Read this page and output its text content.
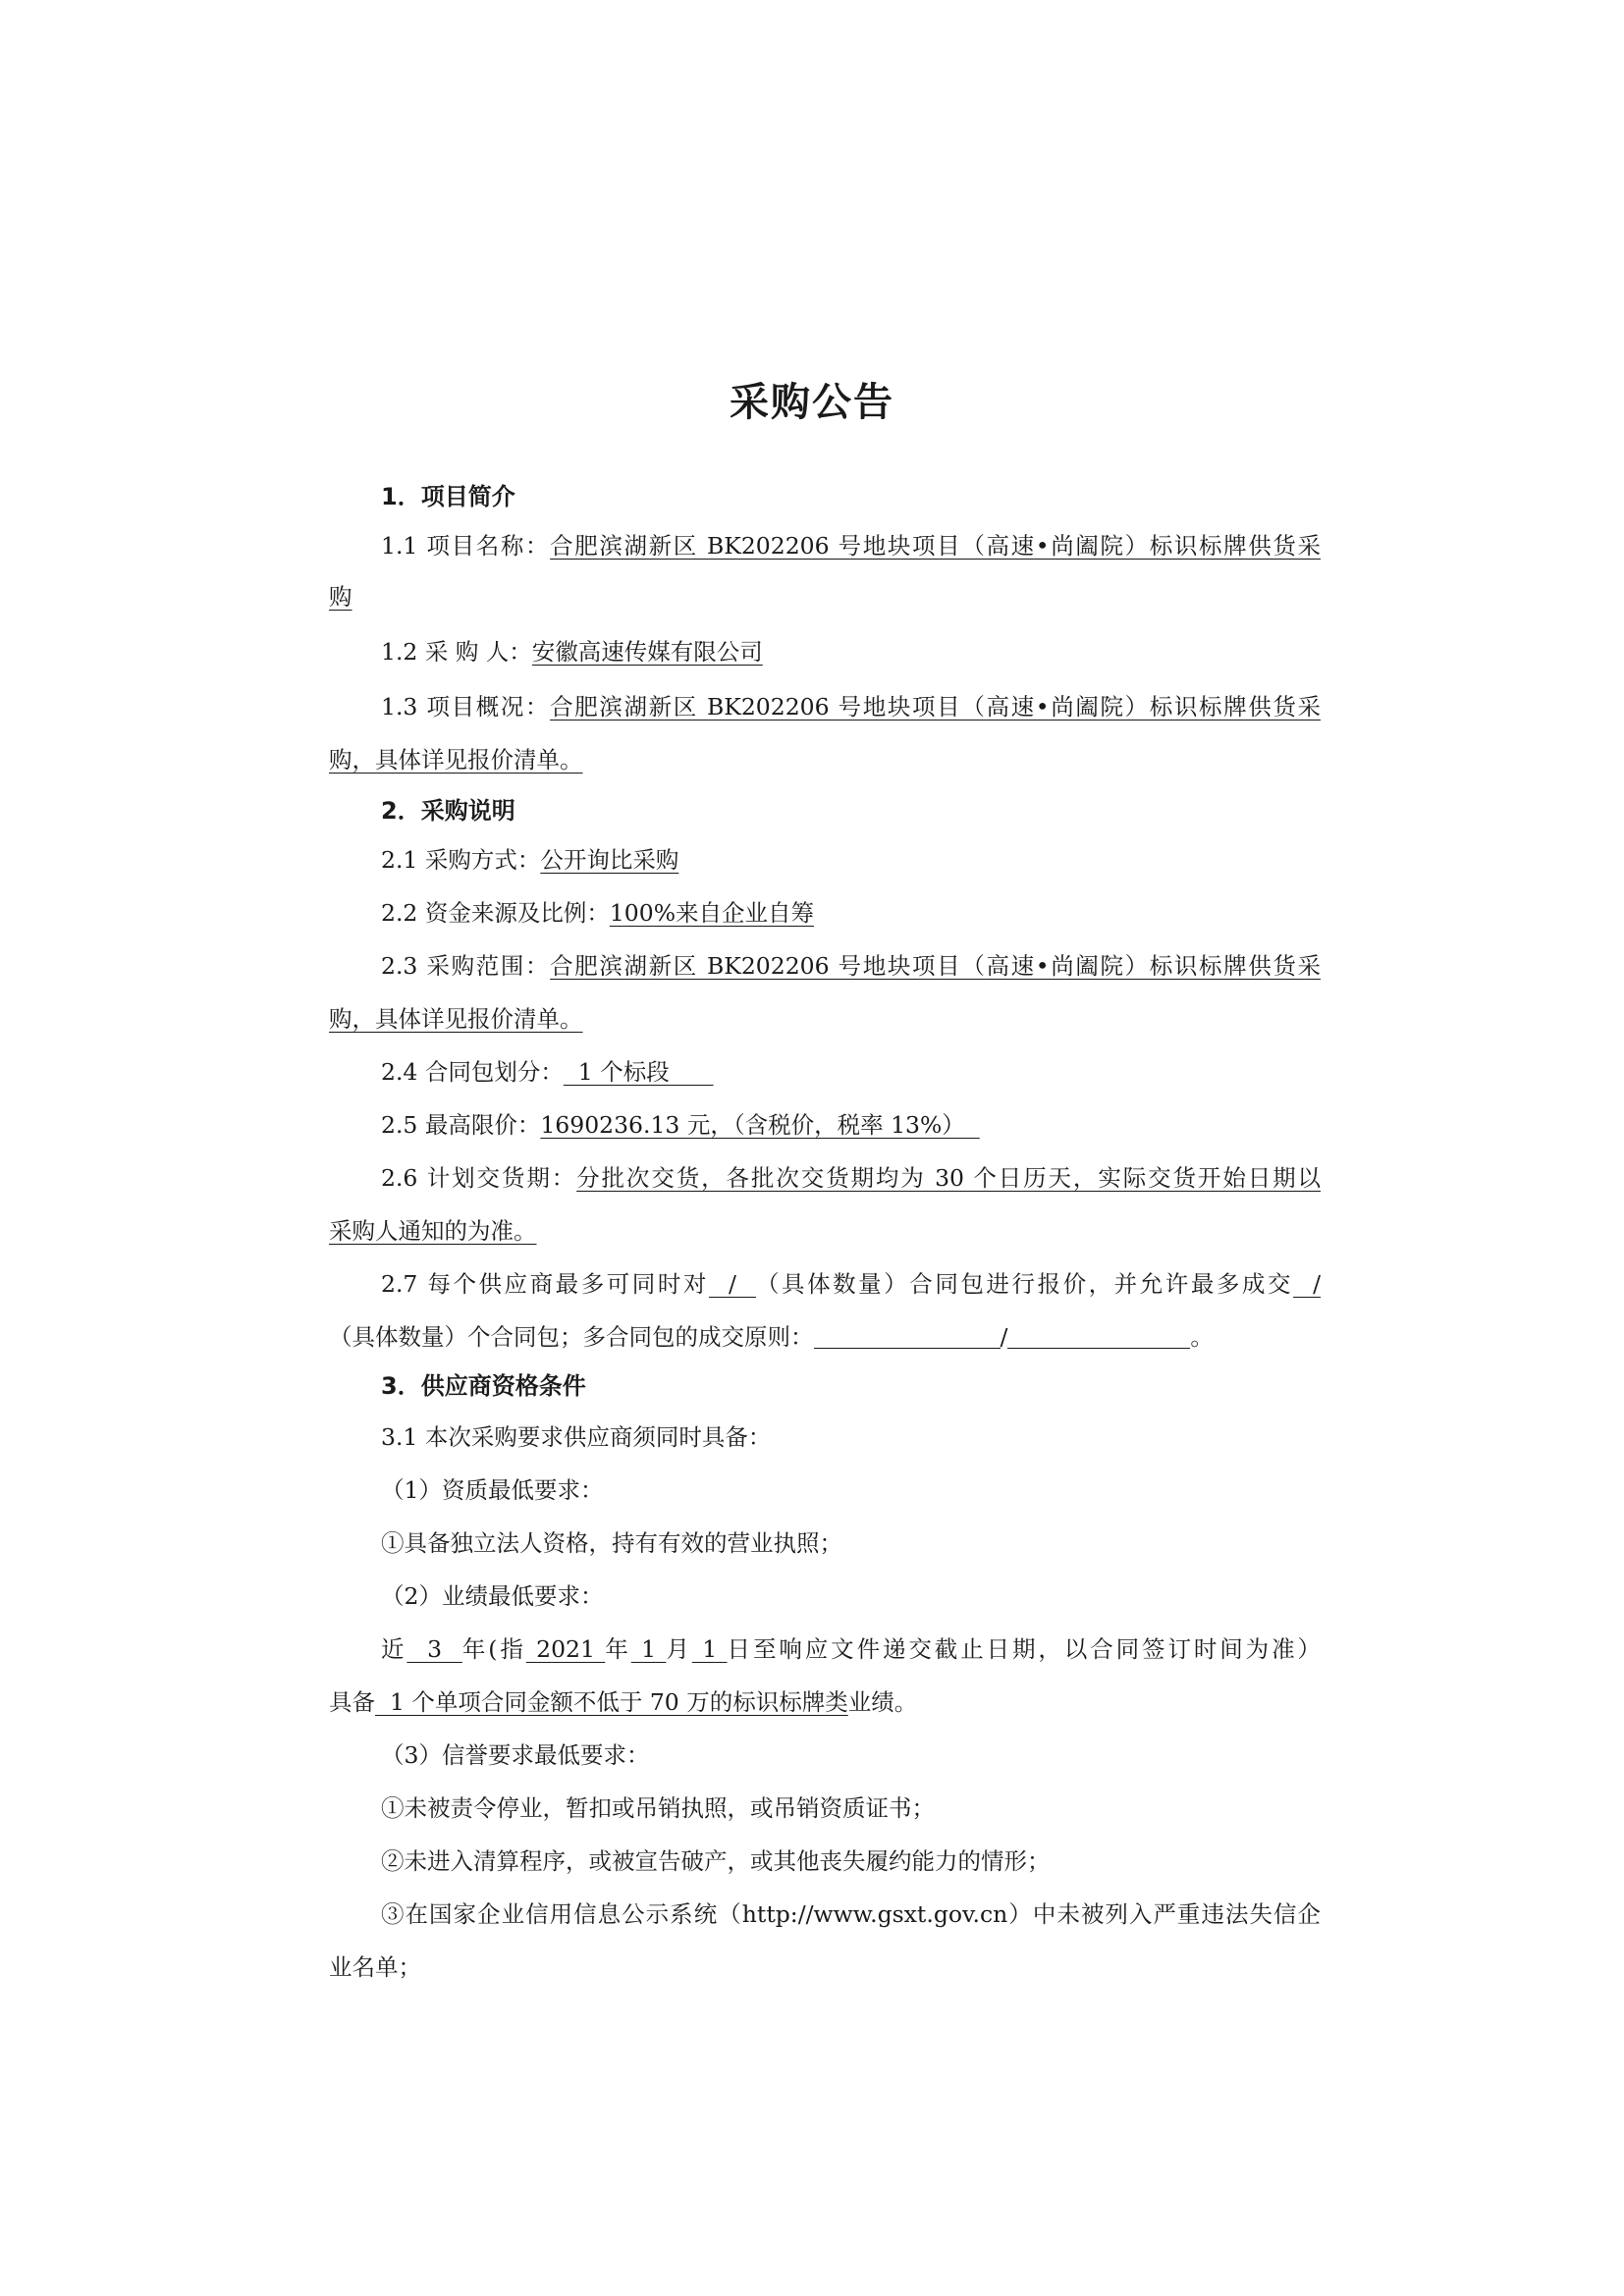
采购公告
1．项目简介
1.1 项目名称：合肥滨湖新区 BK202206 号地块项目（高速•尚阖院）标识标牌供货采
购
1.2 采 购 人：安徽高速传媒有限公司
1.3 项目概况：合肥滨湖新区 BK202206 号地块项目（高速•尚阖院）标识标牌供货采
购，具体详见报价清单。
2．采购说明
2.1 采购方式：公开询比采购
2.2 资金来源及比例：100%来自企业自筹
2.3 采购范围：合肥滨湖新区 BK202206 号地块项目（高速•尚阖院）标识标牌供货采
购，具体详见报价清单。
2.4 合同包划分：  1 个标段
2.5 最高限价：1690236.13 元，（含税价，税率 13%）
2.6 计划交货期：分批次交货，各批次交货期均为 30 个日历天，实际交货开始日期以
采购人通知的为准。
2.7 每个供应商最多可同时对  /  （具体数量）合同包进行报价，并允许最多成交  /
（具体数量）个合同包；多合同包的成交原则：	/	。
3．供应商资格条件
3.1 本次采购要求供应商须同时具备：
（1）资质最低要求：
①具备独立法人资格，持有有效的营业执照；
（2）业绩最低要求：
近  3  年(指 2021 年 1 月 1 日至响应文件递交截止日期，以合同签订时间为准）
具备  1 个单项合同金额不低于 70 万的标识标牌类业绩。
（3）信誉要求最低要求：
①未被责令停业，暂扣或吊销执照，或吊销资质证书；
②未进入清算程序，或被宣告破产，或其他丧失履约能力的情形；
③在国家企业信用信息公示系统（http://www.gsxt.gov.cn）中未被列入严重违法失信企
业名单；
